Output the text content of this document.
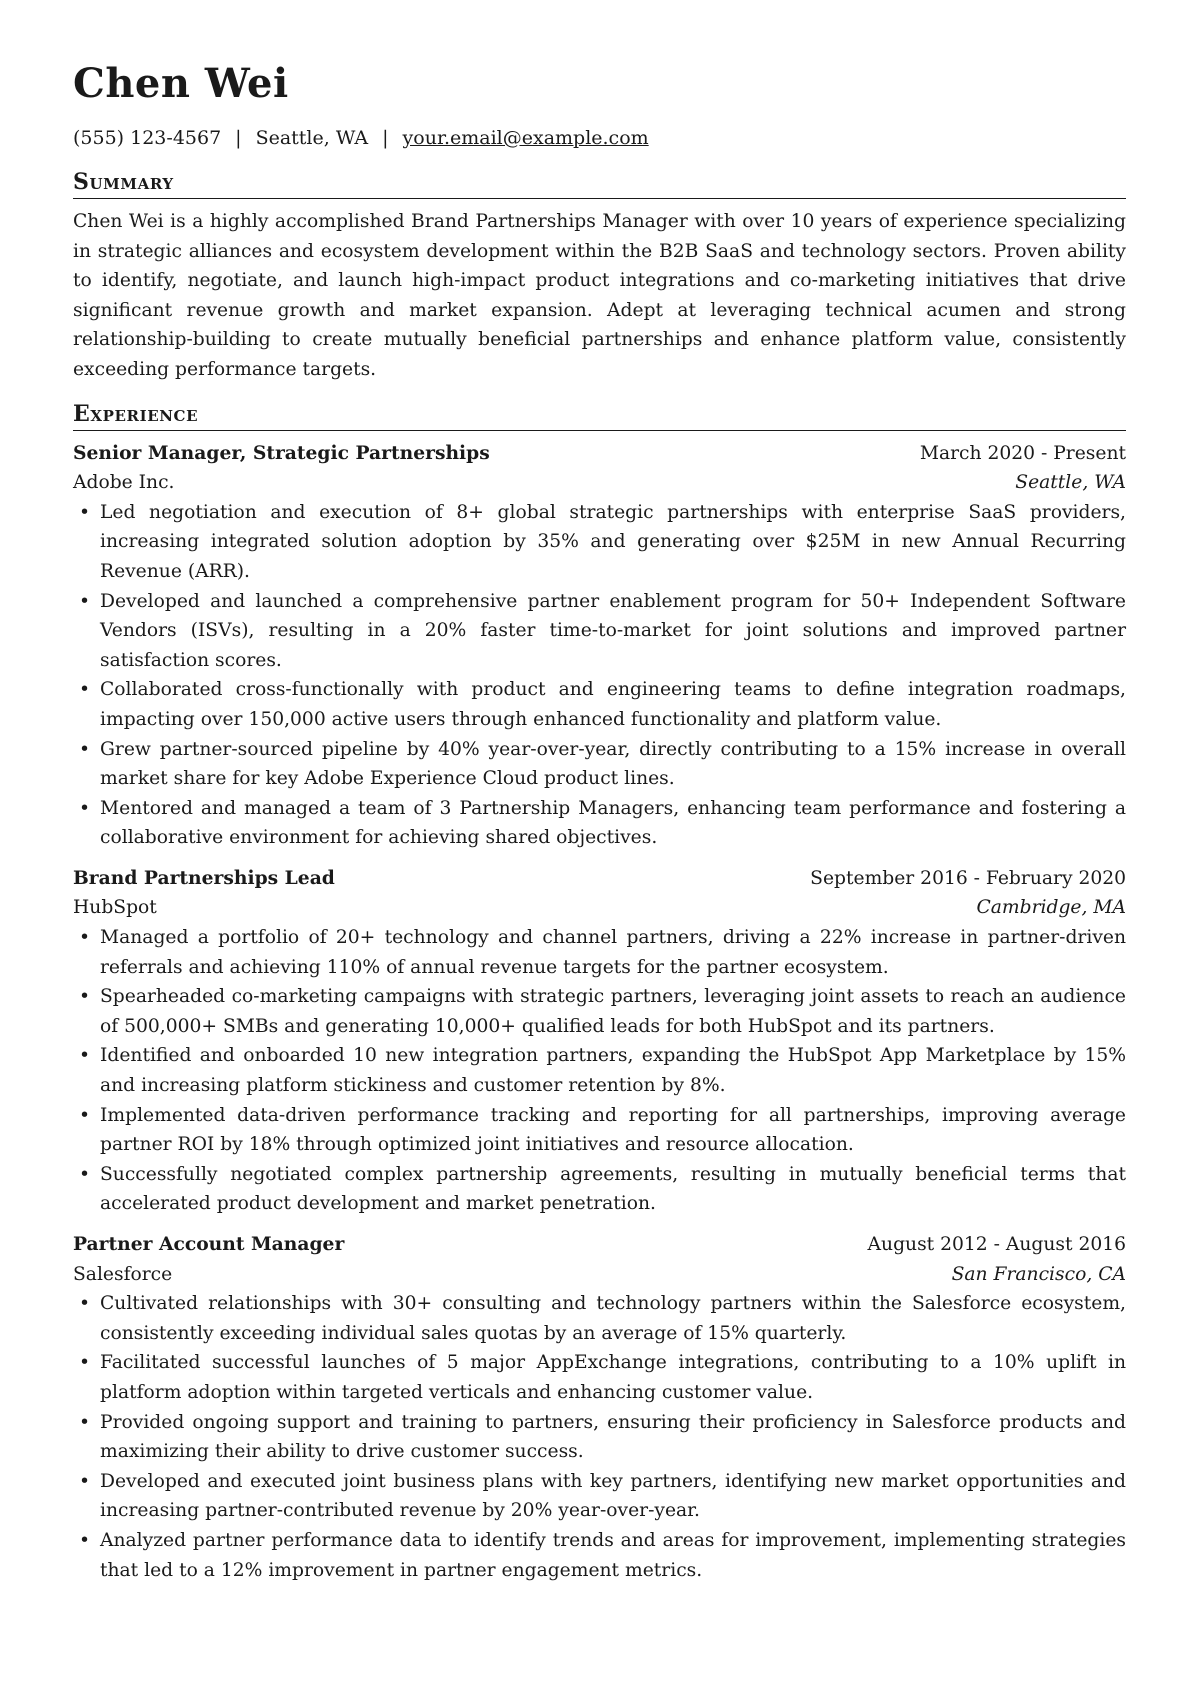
Chen Wei
(555) 123-4567 | Seattle, WA | your.email@example.com
Summary

Chen Wei is a highly accomplished Brand Partnerships Manager with over 10 years of experience specializing in strategic alliances and ecosystem development within the B2B SaaS and technology sectors. Proven ability to identify, negotiate, and launch high-impact product integrations and co-marketing initiatives that drive significant revenue growth and market expansion. Adept at leveraging technical acumen and strong relationship-building to create mutually beneficial partnerships and enhance platform value, consistently exceeding performance targets.

Experience
Senior Manager, Strategic Partnerships	March 2020 - Present
Adobe Inc.	Seattle, WA
• Led negotiation and execution of 8+ global strategic partnerships with enterprise SaaS providers, increasing integrated solution adoption by 35% and generating over $25M in new Annual Recurring Revenue (ARR).
• Developed and launched a comprehensive partner enablement program for 50+ Independent Software Vendors (ISVs), resulting in a 20% faster time-to-market for joint solutions and improved partner satisfaction scores.
• Collaborated cross-functionally with product and engineering teams to define integration roadmaps, impacting over 150,000 active users through enhanced functionality and platform value.
• Grew partner-sourced pipeline by 40% year-over-year, directly contributing to a 15% increase in overall market share for key Adobe Experience Cloud product lines.
• Mentored and managed a team of 3 Partnership Managers, enhancing team performance and fostering a collaborative environment for achieving shared objectives.
Brand Partnerships Lead	September 2016 - February 2020
HubSpot	Cambridge, MA
• Managed a portfolio of 20+ technology and channel partners, driving a 22% increase in partner-driven referrals and achieving 110% of annual revenue targets for the partner ecosystem.
• Spearheaded co-marketing campaigns with strategic partners, leveraging joint assets to reach an audience of 500,000+ SMBs and generating 10,000+ qualified leads for both HubSpot and its partners.
• Identified and onboarded 10 new integration partners, expanding the HubSpot App Marketplace by 15% and increasing platform stickiness and customer retention by 8%.
• Implemented data-driven performance tracking and reporting for all partnerships, improving average partner ROI by 18% through optimized joint initiatives and resource allocation.
• Successfully negotiated complex partnership agreements, resulting in mutually beneficial terms that accelerated product development and market penetration.
Partner Account Manager	August 2012 - August 2016
Salesforce	San Francisco, CA
• Cultivated relationships with 30+ consulting and technology partners within the Salesforce ecosystem, consistently exceeding individual sales quotas by an average of 15% quarterly.
• Facilitated successful launches of 5 major AppExchange integrations, contributing to a 10% uplift in platform adoption within targeted verticals and enhancing customer value.
• Provided ongoing support and training to partners, ensuring their proficiency in Salesforce products and maximizing their ability to drive customer success.
• Developed and executed joint business plans with key partners, identifying new market opportunities and increasing partner-contributed revenue by 20% year-over-year.
• Analyzed partner performance data to identify trends and areas for improvement, implementing strategies that led to a 12% improvement in partner engagement metrics.
